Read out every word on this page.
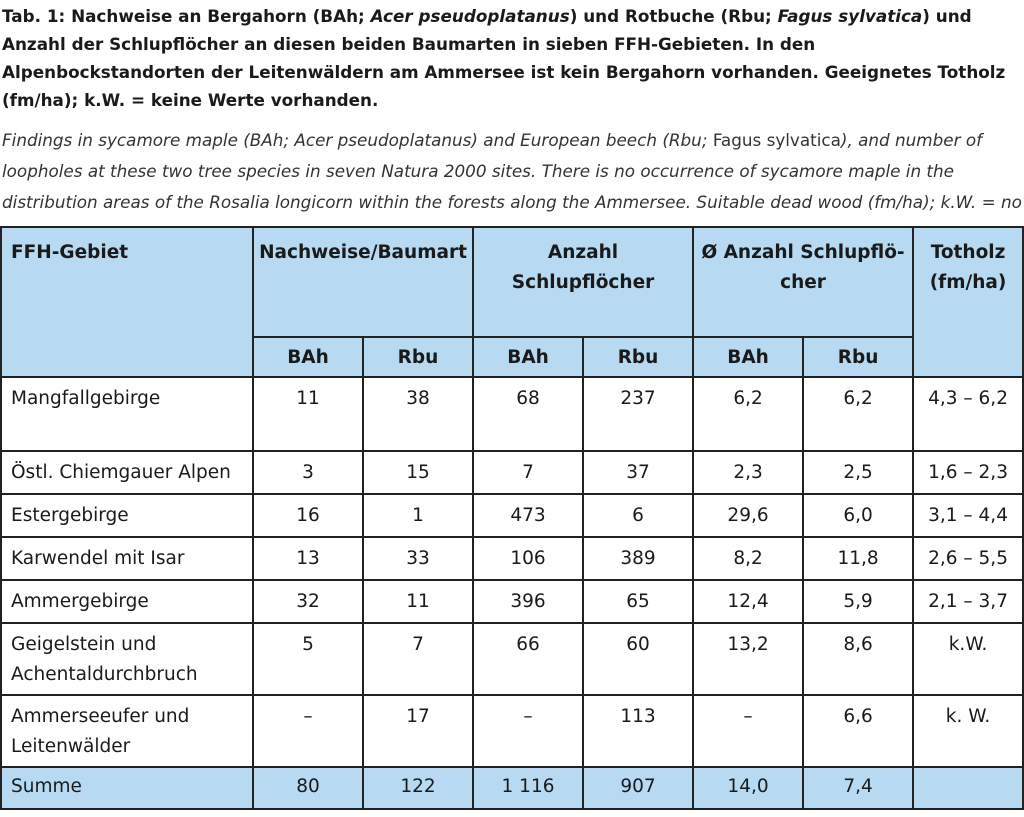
Tab. 1: Nachweise an Bergahorn (BAh; Acer pseudoplatanus) und Rotbuche (Rbu; Fagus sylvatica) und Anzahl der Schlupflöcher an diesen beiden Baumarten in sieben FFH-Gebieten. In den Alpenbockstandorten der Leitenwäldern am Ammersee ist kein Bergahorn vorhanden. Geeignetes Totholz (fm/ha); k.W. = keine Werte vorhanden.

Findings in sycamore maple (BAh; Acer pseudoplatanus) and European beech (Rbu; Fagus sylvatica), and number of loopholes at these two tree species in seven Natura 2000 sites. There is no occurrence of sycamore maple in the distribution areas of the Rosalia longicorn within the forests along the Ammersee. Suitable dead wood (fm/ha); k.W. = no

FFH-Gebiet	Nachweise/Baumart		Anzahl Schlupflöcher		Ø Anzahl Schlupflö-cher		Totholz (fm/ha)
	BAh	Rbu	BAh	Rbu	BAh	Rbu	
Mangfallgebirge	11	38	68	237	6,2	6,2	4,3 – 6,2
Östl. Chiemgauer Alpen	3	15	7	37	2,3	2,5	1,6 – 2,3
Estergebirge	16	1	473	6	29,6	6,0	3,1 – 4,4
Karwendel mit Isar	13	33	106	389	8,2	11,8	2,6 – 5,5
Ammergebirge	32	11	396	65	12,4	5,9	2,1 – 3,7
Geigelstein und Achentaldurchbruch	5	7	66	60	13,2	8,6	k.W.
Ammerseeufer und Leitenwälder	–	17	–	113	–	6,6	k. W.
Summe	80	122	1 116	907	14,0	7,4	
